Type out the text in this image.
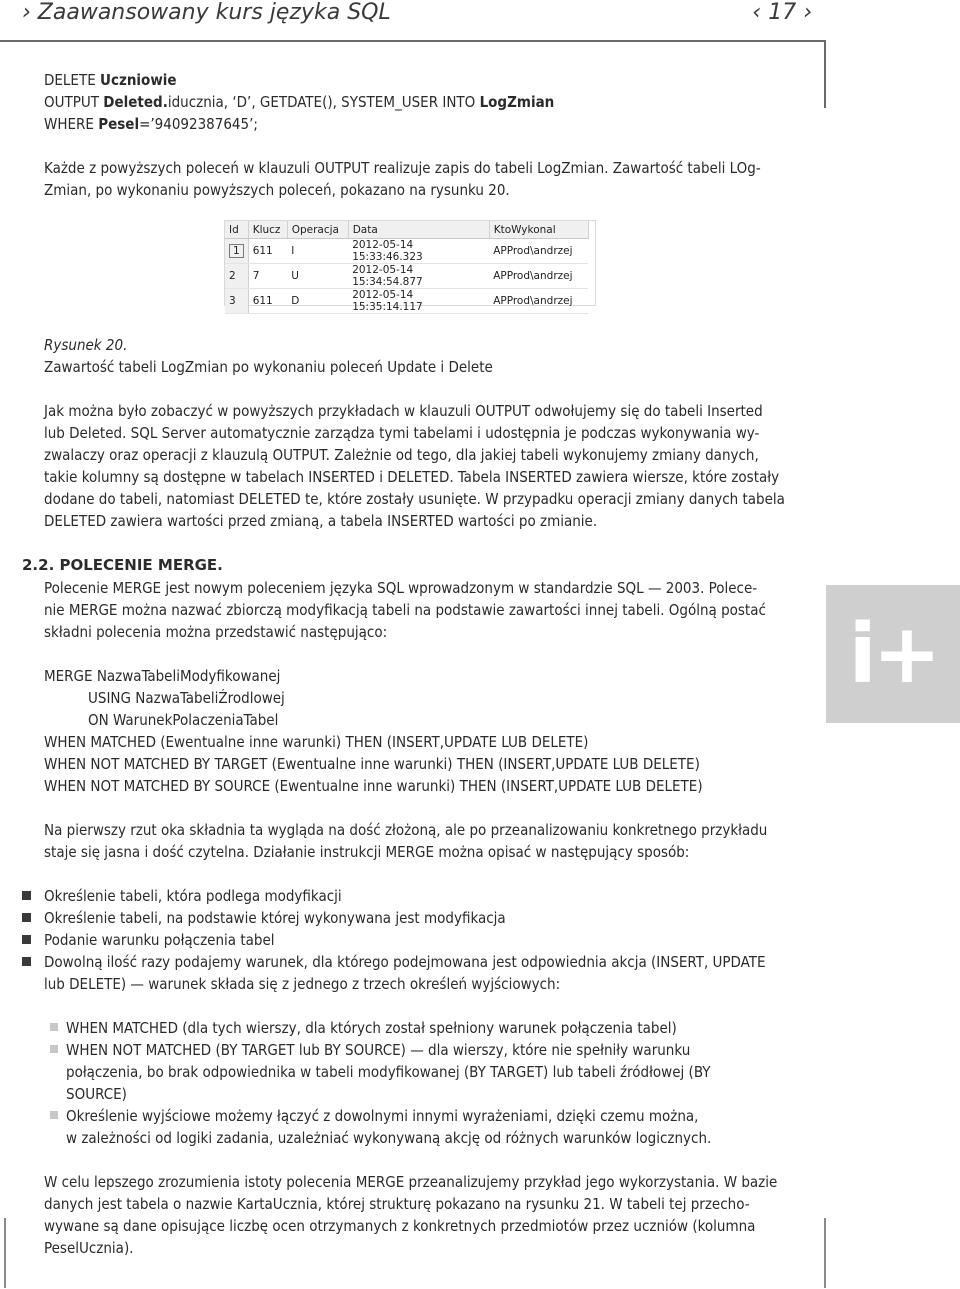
› Zaawansowany kurs języka SQL	‹ 17 ›
i+
DELETE Uczniowie
OUTPUT Deleted.iducznia, ‘D’, GETDATE(), SYSTEM_USER INTO LogZmian
WHERE Pesel=’94092387645’;
Każde z powyższych poleceń w klauzuli OUTPUT realizuje zapis do tabeli LogZmian. Zawartość tabeli LOg-
Zmian, po wykonaniu powyższych poleceń, pokazano na rysunku 20.
Id	Klucz	Operacja	Data	KtoWykonal
1	611	I	2012-05-14 15:33:46.323	APProd\andrzej
2	7	U	2012-05-14 15:34:54.877	APProd\andrzej
3	611	D	2012-05-14 15:35:14.117	APProd\andrzej
Rysunek 20.
Zawartość tabeli LogZmian po wykonaniu poleceń Update i Delete
Jak można było zobaczyć w powyższych przykładach w klauzuli OUTPUT odwołujemy się do tabeli Inserted
lub Deleted. SQL Server automatycznie zarządza tymi tabelami i udostępnia je podczas wykonywania wy-
zwalaczy oraz operacji z klauzulą OUTPUT. Zależnie od tego, dla jakiej tabeli wykonujemy zmiany danych,
takie kolumny są dostępne w tabelach INSERTED i DELETED. Tabela INSERTED zawiera wiersze, które zostały
dodane do tabeli, natomiast DELETED te, które zostały usunięte. W przypadku operacji zmiany danych tabela
DELETED zawiera wartości przed zmianą, a tabela INSERTED wartości po zmianie.
2.2. POLECENIE MERGE.
Polecenie MERGE jest nowym poleceniem języka SQL wprowadzonym w standardzie SQL — 2003. Polece-
nie MERGE można nazwać zbiorczą modyfikacją tabeli na podstawie zawartości innej tabeli. Ogólną postać
składni polecenia można przedstawić następująco:
MERGE NazwaTabeliModyfikowanej
USING NazwaTabeliŹrodlowej
ON WarunekPolaczeniaTabel
WHEN MATCHED (Ewentualne inne warunki) THEN (INSERT,UPDATE LUB DELETE)
WHEN NOT MATCHED BY TARGET (Ewentualne inne warunki) THEN (INSERT,UPDATE LUB DELETE)
WHEN NOT MATCHED BY SOURCE (Ewentualne inne warunki) THEN (INSERT,UPDATE LUB DELETE)
Na pierwszy rzut oka składnia ta wygląda na dość złożoną, ale po przeanalizowaniu konkretnego przykładu
staje się jasna i dość czytelna. Działanie instrukcji MERGE można opisać w następujący sposób:
Określenie tabeli, która podlega modyfikacji
Określenie tabeli, na podstawie której wykonywana jest modyfikacja
Podanie warunku połączenia tabel
Dowolną ilość razy podajemy warunek, dla którego podejmowana jest odpowiednia akcja (INSERT, UPDATE
lub DELETE) — warunek składa się z jednego z trzech określeń wyjściowych:
WHEN MATCHED (dla tych wierszy, dla których został spełniony warunek połączenia tabel)
WHEN NOT MATCHED (BY TARGET lub BY SOURCE) — dla wierszy, które nie spełniły warunku
połączenia, bo brak odpowiednika w tabeli modyfikowanej (BY TARGET) lub tabeli źródłowej (BY
SOURCE)
Określenie wyjściowe możemy łączyć z dowolnymi innymi wyrażeniami, dzięki czemu można,
w zależności od logiki zadania, uzależniać wykonywaną akcję od różnych warunków logicznych.
W celu lepszego zrozumienia istoty polecenia MERGE przeanalizujemy przykład jego wykorzystania. W bazie
danych jest tabela o nazwie KartaUcznia, której strukturę pokazano na rysunku 21. W tabeli tej przecho-
wywane są dane opisujące liczbę ocen otrzymanych z konkretnych przedmiotów przez uczniów (kolumna
PeselUcznia).
